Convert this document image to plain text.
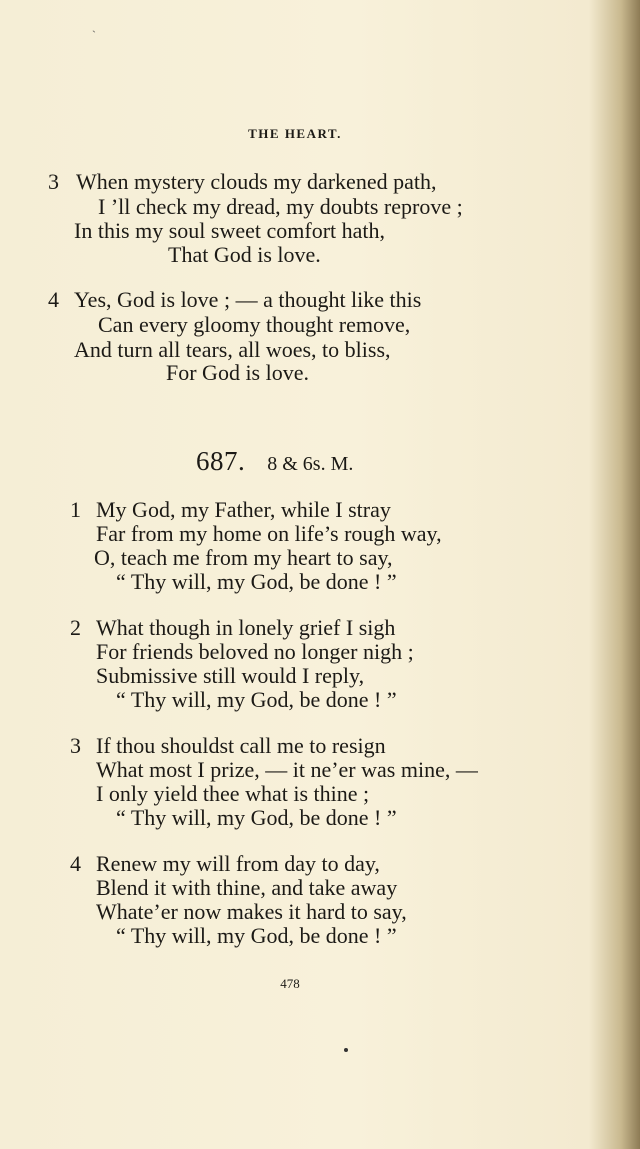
`
THE HEART.
3 When mystery clouds my darkened path,
I ’ll check my dread, my doubts reprove ;
In this my soul sweet comfort hath,
That God is love.
4 Yes, God is love ; — a thought like this
Can every gloomy thought remove,
And turn all tears, all woes, to bliss,
For God is love.
687. 8 & 6s. M.
1 My God, my Father, while I stray
Far from my home on life’s rough way,
O, teach me from my heart to say,
“ Thy will, my God, be done ! ”
2 What though in lonely grief I sigh
For friends beloved no longer nigh ;
Submissive still would I reply,
“ Thy will, my God, be done ! ”
3 If thou shouldst call me to resign
What most I prize, — it ne’er was mine, —
I only yield thee what is thine ;
“ Thy will, my God, be done ! ”
4 Renew my will from day to day,
Blend it with thine, and take away
Whate’er now makes it hard to say,
“ Thy will, my God, be done ! ”
478
